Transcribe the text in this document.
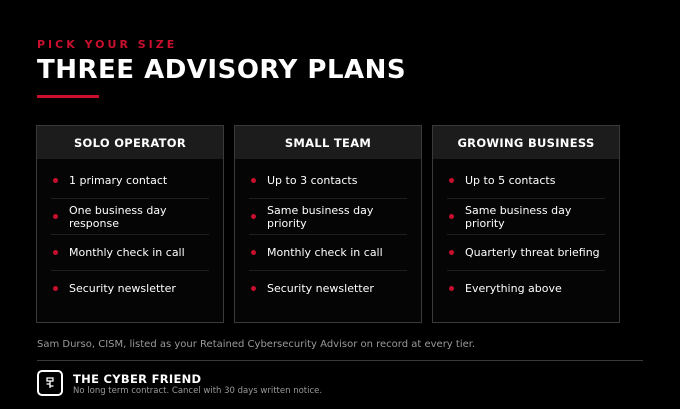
PICK YOUR SIZE
THREE ADVISORY PLANS
SOLO OPERATOR
1 primary contact
One business day response
Monthly check in call
Security newsletter
SMALL TEAM
Up to 3 contacts
Same business day priority
Monthly check in call
Security newsletter
GROWING BUSINESS
Up to 5 contacts
Same business day priority
Quarterly threat briefing
Everything above
Sam Durso, CISM, listed as your Retained Cybersecurity Advisor on record at every tier.
THE CYBER FRIEND
No long term contract. Cancel with 30 days written notice.
